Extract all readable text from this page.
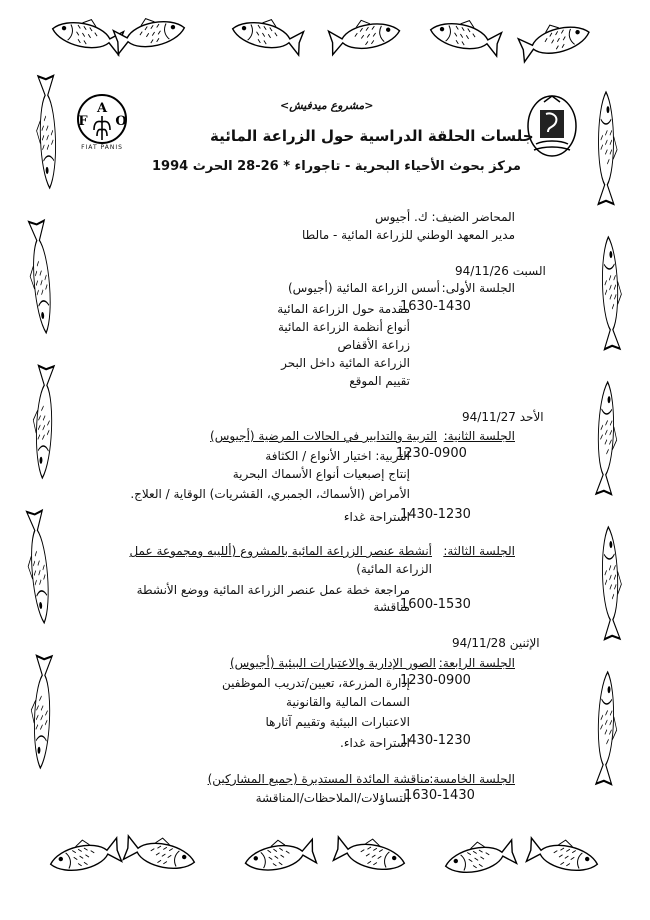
A
F O
FIAT PANIS
<مشروع ميدفيش>
جلسات الحلقة الدراسية حول الزراعة المائية
مركز بحوث الأحياء البحرية - تاجوراء * 26-28 الحرث 1994
المحاضر الضيف: ك. أجيوس
مدير المعهد الوطني للزراعة المائية - مالطا
السبت 94/11/26
الجلسة الأولى:
أسس الزراعة المائية (أجيوس)
1630-1430
مقدمة حول الزراعة المائية
أنواع أنظمة الزراعة المائية
زراعة الأقفاص
الزراعة المائية داخل البحر
تقييم الموقع
الأحد 94/11/27
الجلسة الثانية:
التربية والتدابير في الحالات المرضية (أجيوس)
1230-0900
التربية: اختيار الأنواع / الكثافة
إنتاج إصبعيات أنواع الأسماك البحرية
الأمراض (الأسماك، الجمبري، القشريات) الوقاية / العلاج.
1430-1230
استراحة غداء
الجلسة الثالثة:
أنشطة عنصر الزراعة المائية بالمشروع (ألليبه ومجموعة عمل
الزراعة المائية)
مراجعة خطة عمل عنصر الزراعة المائية ووضع الأنشطة
1600-1530
مناقشة
الإثنين 94/11/28
الجلسة الرابعة:
الصور الإدارية والاعتبارات البيئية (أجيوس)
1230-0900
إدارة المزرعة، تعيين/تدريب الموظفين
السمات المالية والقانونية
الاعتبارات البيئية وتقييم آثارها
1430-1230
استراحة غداء.
الجلسة الخامسة:
مناقشة المائدة المستديرة (جميع المشاركين)
1630-1430
التساؤلات/الملاحظات/المناقشة
